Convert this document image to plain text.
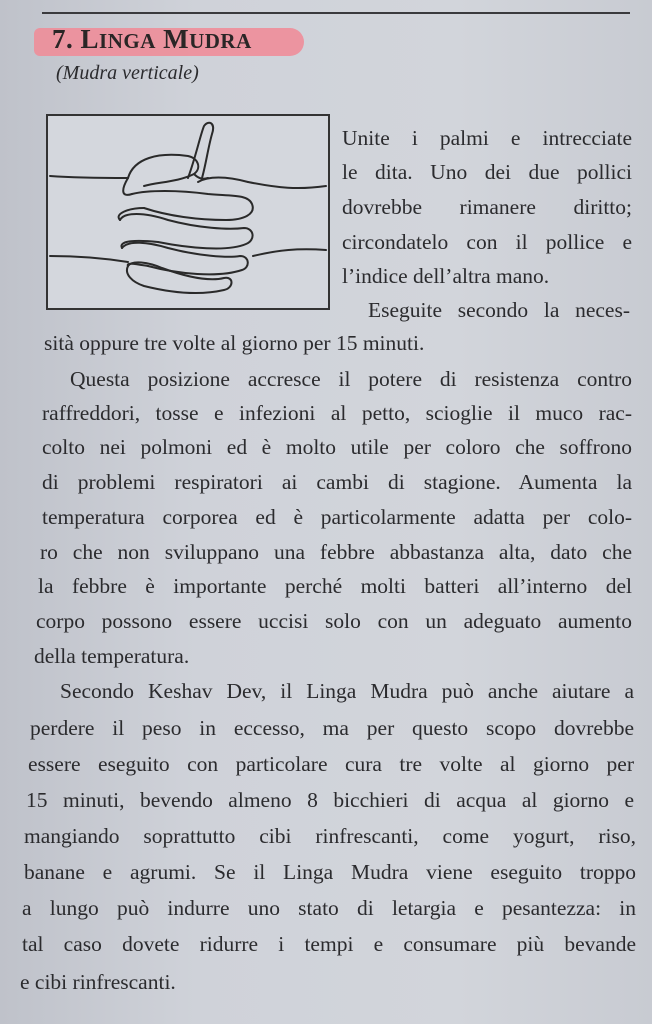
7. LINGA MUDRA
(Mudra verticale)
Unite i palmi e intrecciate
le dita. Uno dei due pollici
dovrebbe rimanere diritto;
circondatelo con il pollice e
l’indice dell’altra mano.
Eseguite secondo la neces-
sità oppure tre volte al giorno per 15 minuti.
Questa posizione accresce il potere di resistenza contro
raffreddori, tosse e infezioni al petto, scioglie il muco rac-
colto nei polmoni ed è molto utile per coloro che soffrono
di problemi respiratori ai cambi di stagione. Aumenta la
temperatura corporea ed è particolarmente adatta per colo-
ro che non sviluppano una febbre abbastanza alta, dato che
la febbre è importante perché molti batteri all’interno del
corpo possono essere uccisi solo con un adeguato aumento
della temperatura.
Secondo Keshav Dev, il Linga Mudra può anche aiutare a
perdere il peso in eccesso, ma per questo scopo dovrebbe
essere eseguito con particolare cura tre volte al giorno per
15 minuti, bevendo almeno 8 bicchieri di acqua al giorno e
mangiando soprattutto cibi rinfrescanti, come yogurt, riso,
banane e agrumi. Se il Linga Mudra viene eseguito troppo
a lungo può indurre uno stato di letargia e pesantezza: in
tal caso dovete ridurre i tempi e consumare più bevande
e cibi rinfrescanti.
